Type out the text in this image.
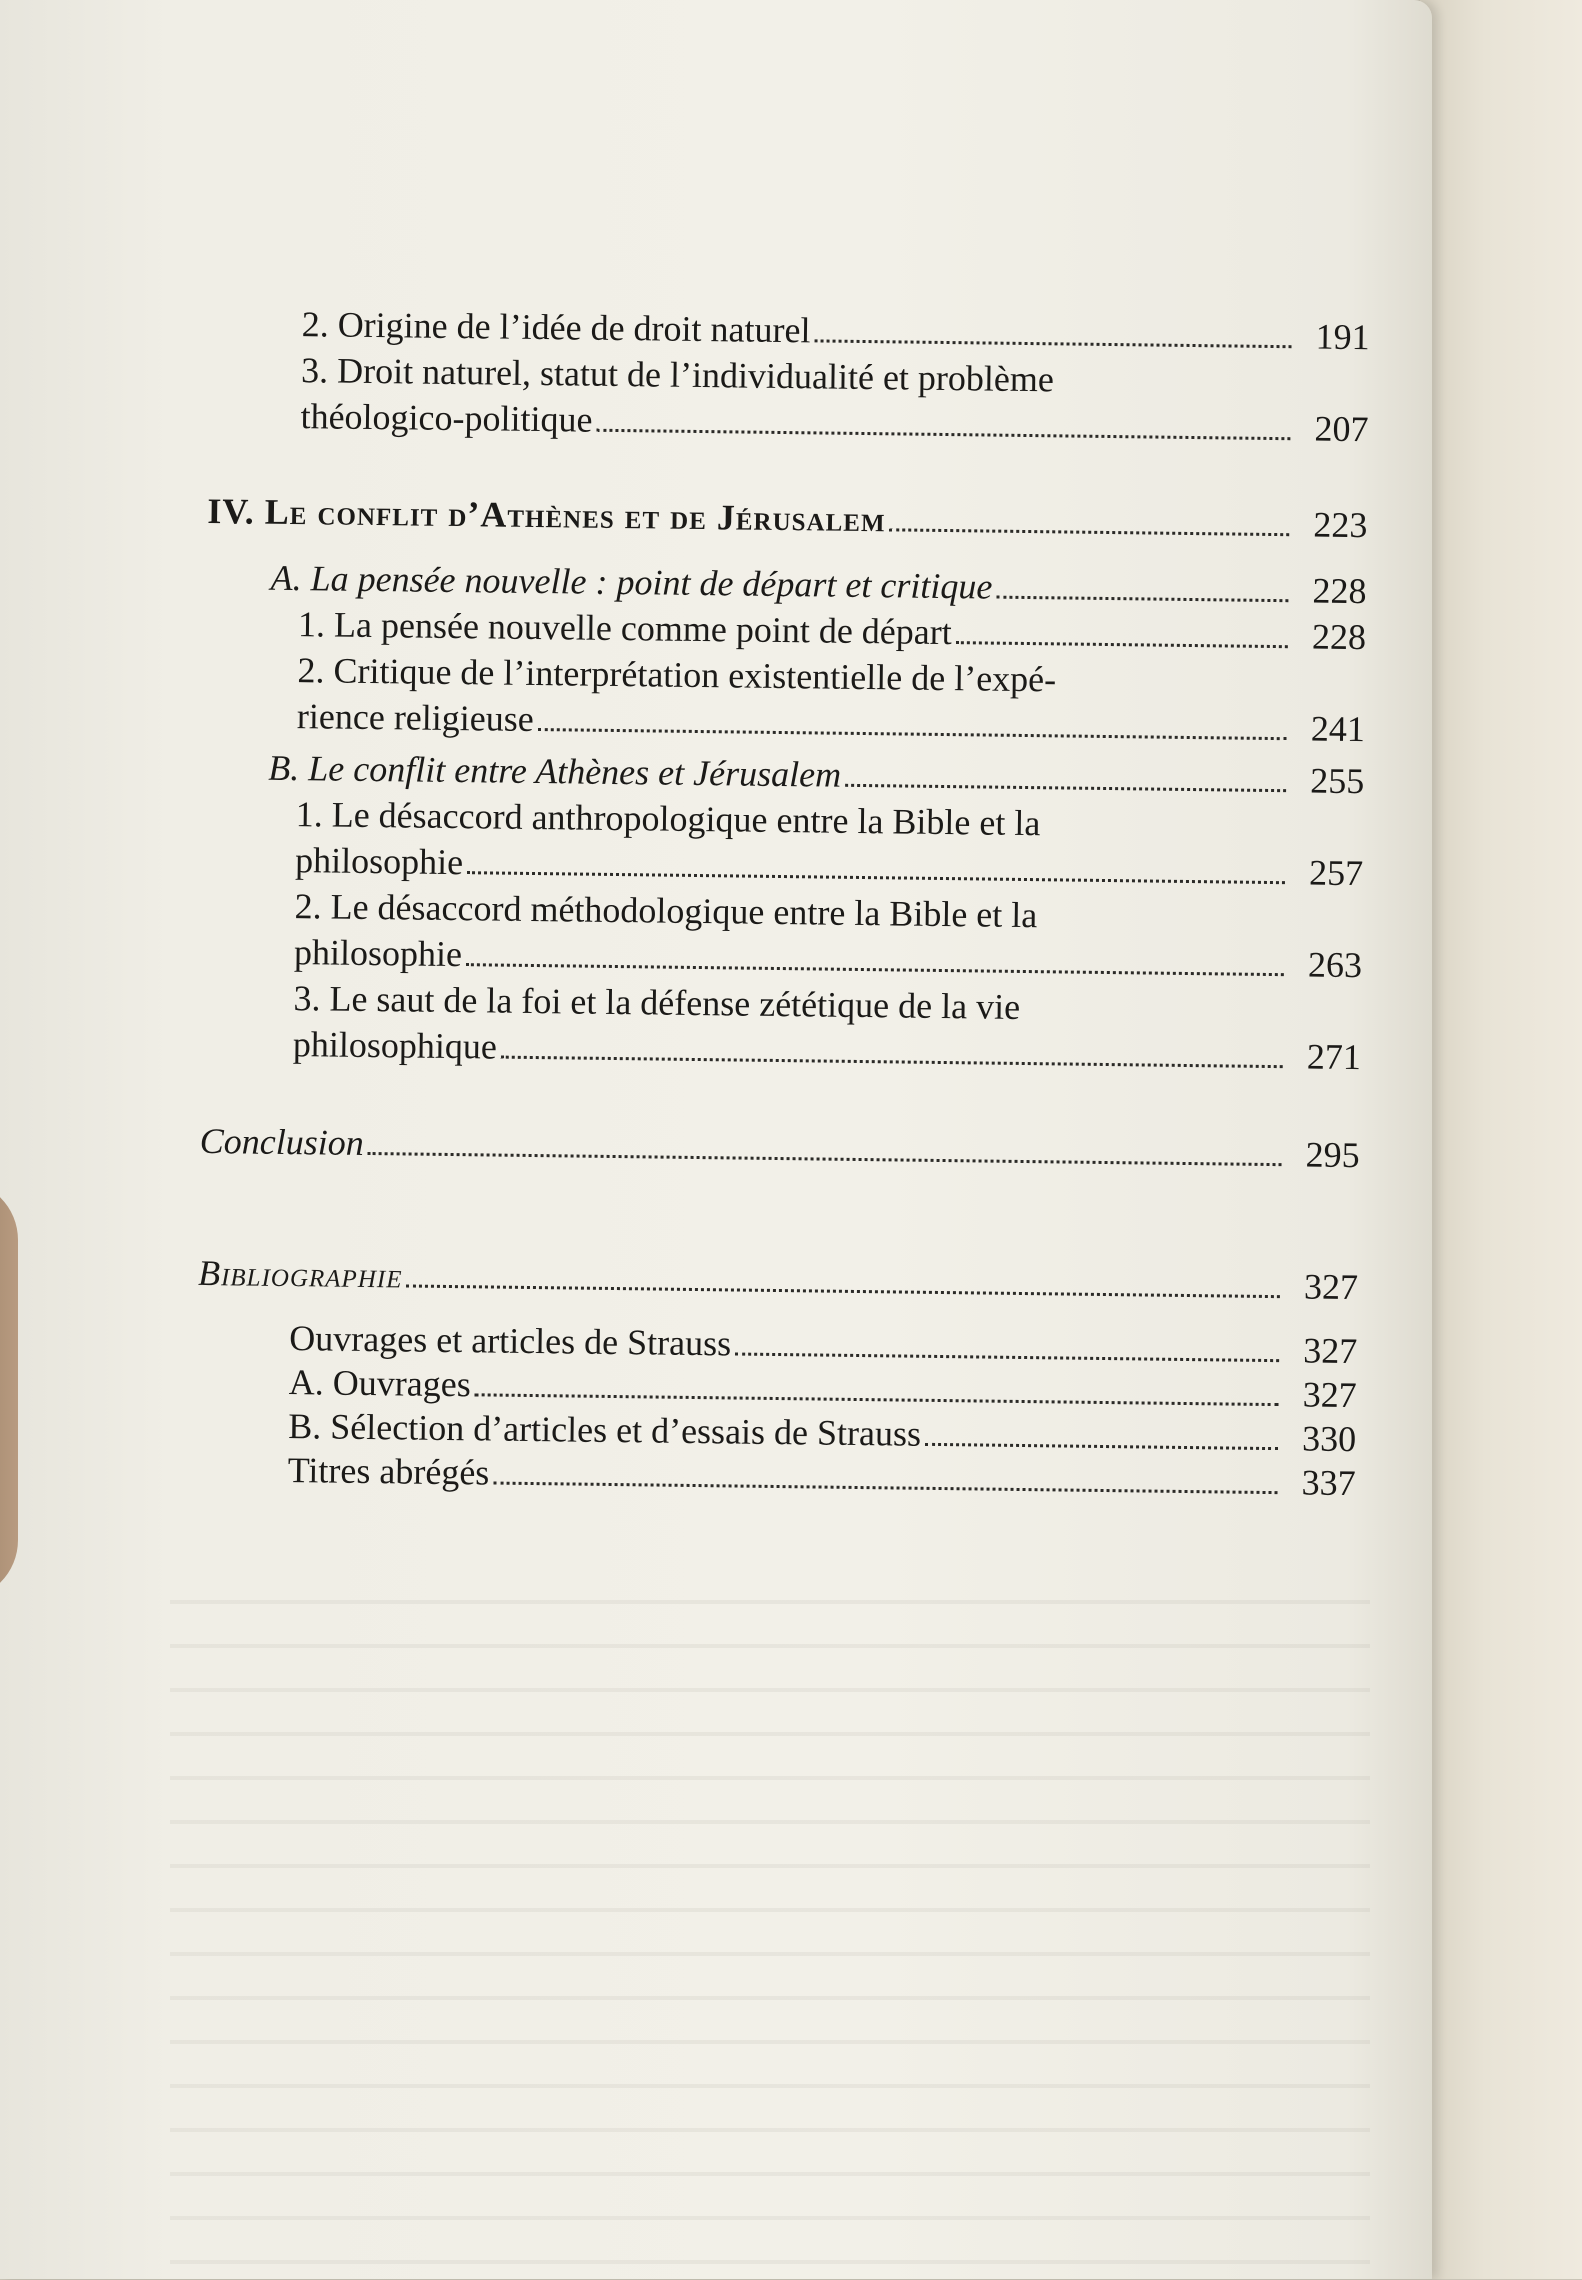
2. Origine de l’idée de droit naturel	191
3. Droit naturel, statut de l’individualité et problème
théologico-politique	207
IV. Le conflit d’Athènes et de Jérusalem	223
A. La pensée nouvelle : point de départ et critique	228
1. La pensée nouvelle comme point de départ	228
2. Critique de l’interprétation existentielle de l’expé-
rience religieuse	241
B. Le conflit entre Athènes et Jérusalem	255
1. Le désaccord anthropologique entre la Bible et la
philosophie	257
2. Le désaccord méthodologique entre la Bible et la
philosophie	263
3. Le saut de la foi et la défense zététique de la vie
philosophique	271
Conclusion	295
Bibliographie	327
Ouvrages et articles de Strauss	327
A. Ouvrages	327
B. Sélection d’articles et d’essais de Strauss	330
Titres abrégés	337
